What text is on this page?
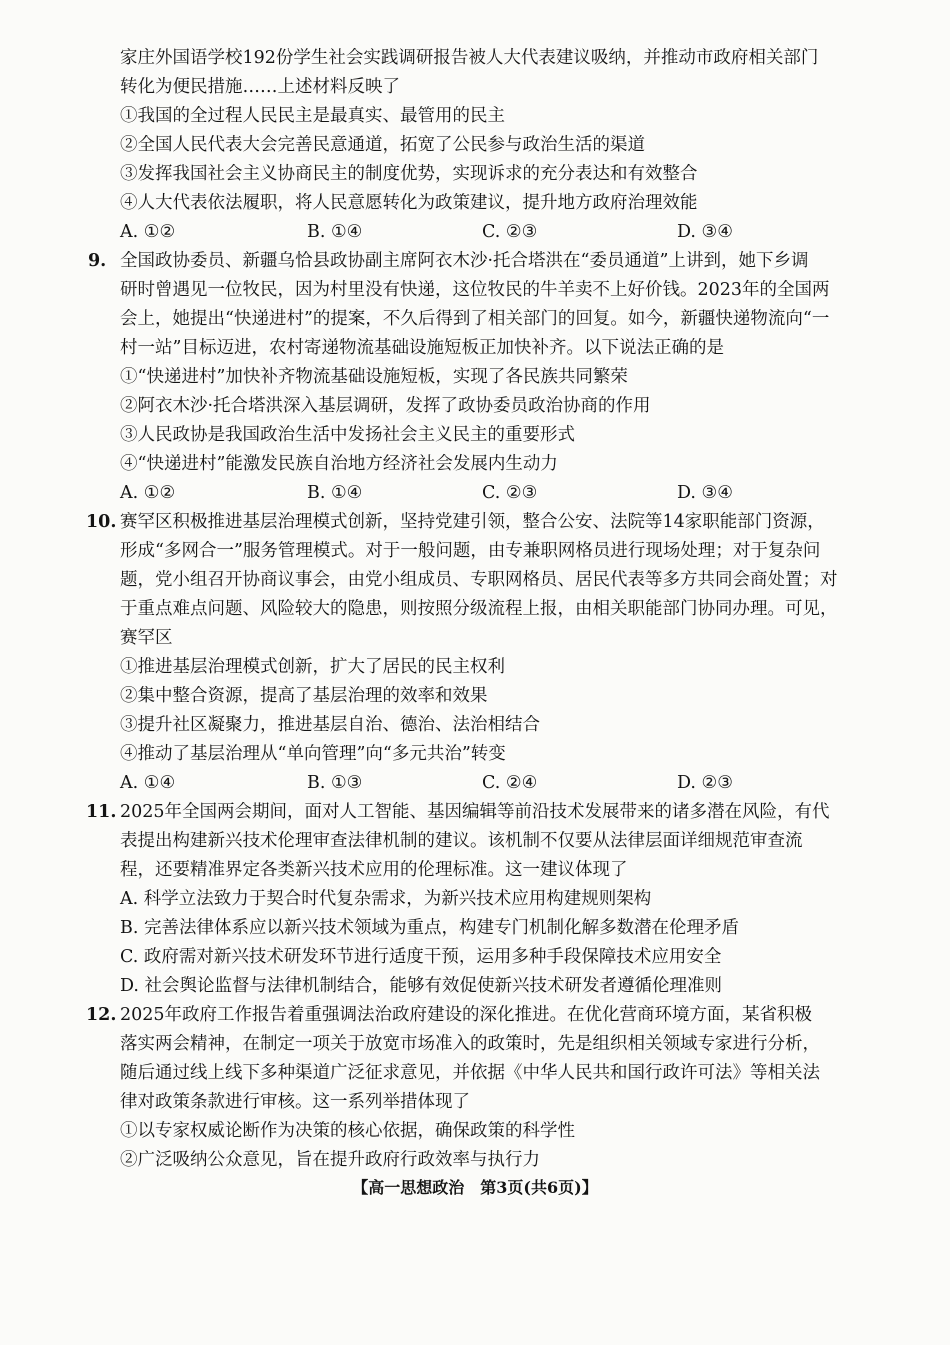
家庄外国语学校192份学生社会实践调研报告被人大代表建议吸纳，并推动市政府相关部门
转化为便民措施……上述材料反映了
①我国的全过程人民民主是最真实、最管用的民主
②全国人民代表大会完善民意通道，拓宽了公民参与政治生活的渠道
③发挥我国社会主义协商民主的制度优势，实现诉求的充分表达和有效整合
④人大代表依法履职，将人民意愿转化为政策建议，提升地方政府治理效能
A. ①②	B. ①④	C. ②③	D. ③④
9. 全国政协委员、新疆乌恰县政协副主席阿衣木沙·托合塔洪在“委员通道”上讲到，她下乡调
研时曾遇见一位牧民，因为村里没有快递，这位牧民的牛羊卖不上好价钱。2023年的全国两
会上，她提出“快递进村”的提案，不久后得到了相关部门的回复。如今，新疆快递物流向“一
村一站”目标迈进，农村寄递物流基础设施短板正加快补齐。以下说法正确的是
①“快递进村”加快补齐物流基础设施短板，实现了各民族共同繁荣
②阿衣木沙·托合塔洪深入基层调研，发挥了政协委员政治协商的作用
③人民政协是我国政治生活中发扬社会主义民主的重要形式
④“快递进村”能激发民族自治地方经济社会发展内生动力
A. ①②	B. ①④	C. ②③	D. ③④
10. 赛罕区积极推进基层治理模式创新，坚持党建引领，整合公安、法院等14家职能部门资源，
形成“多网合一”服务管理模式。对于一般问题，由专兼职网格员进行现场处理；对于复杂问
题，党小组召开协商议事会，由党小组成员、专职网格员、居民代表等多方共同会商处置；对
于重点难点问题、风险较大的隐患，则按照分级流程上报，由相关职能部门协同办理。可见，
赛罕区
①推进基层治理模式创新，扩大了居民的民主权利
②集中整合资源，提高了基层治理的效率和效果
③提升社区凝聚力，推进基层自治、德治、法治相结合
④推动了基层治理从“单向管理”向“多元共治”转变
A. ①④	B. ①③	C. ②④	D. ②③
11. 2025年全国两会期间，面对人工智能、基因编辑等前沿技术发展带来的诸多潜在风险，有代
表提出构建新兴技术伦理审查法律机制的建议。该机制不仅要从法律层面详细规范审查流
程，还要精准界定各类新兴技术应用的伦理标准。这一建议体现了
A. 科学立法致力于契合时代复杂需求，为新兴技术应用构建规则架构
B. 完善法律体系应以新兴技术领域为重点，构建专门机制化解多数潜在伦理矛盾
C. 政府需对新兴技术研发环节进行适度干预，运用多种手段保障技术应用安全
D. 社会舆论监督与法律机制结合，能够有效促使新兴技术研发者遵循伦理准则
12. 2025年政府工作报告着重强调法治政府建设的深化推进。在优化营商环境方面，某省积极
落实两会精神，在制定一项关于放宽市场准入的政策时，先是组织相关领域专家进行分析，
随后通过线上线下多种渠道广泛征求意见，并依据《中华人民共和国行政许可法》等相关法
律对政策条款进行审核。这一系列举措体现了
①以专家权威论断作为决策的核心依据，确保政策的科学性
②广泛吸纳公众意见，旨在提升政府行政效率与执行力
【高一思想政治　第3页(共6页)】
